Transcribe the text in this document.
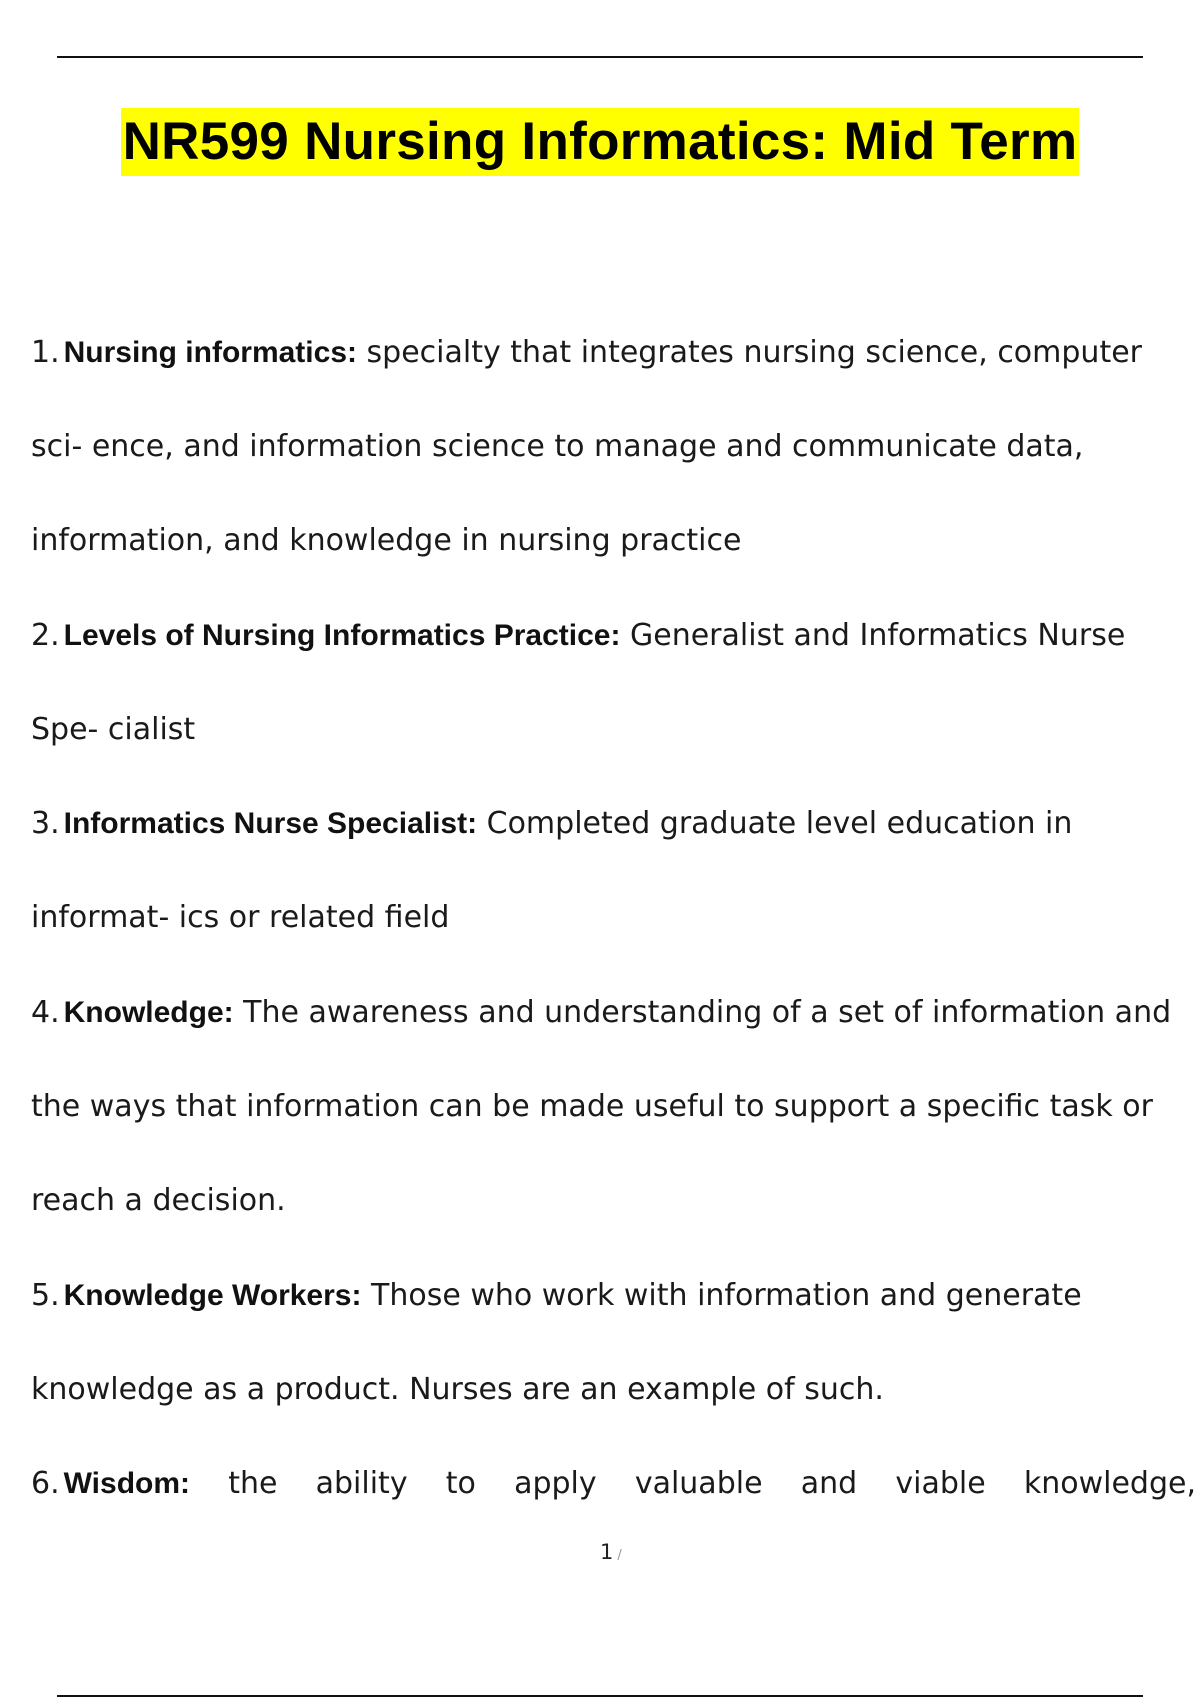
NR599 Nursing Informatics: Mid Term
1. Nursing informatics: specialty that integrates nursing science, computer sci- ence, and information science to manage and communicate data, information, and knowledge in nursing practice
2. Levels of Nursing Informatics Practice: Generalist and Informatics Nurse Spe- cialist
3. Informatics Nurse Specialist: Completed graduate level education in informat- ics or related field
4. Knowledge: The awareness and understanding of a set of information and the ways that information can be made useful to support a specific task or reach a decision.
5. Knowledge Workers: Those who work with information and generate knowledge as a product. Nurses are an example of such.
6. Wisdom: the ability to apply valuable and viable knowledge,
1 /
